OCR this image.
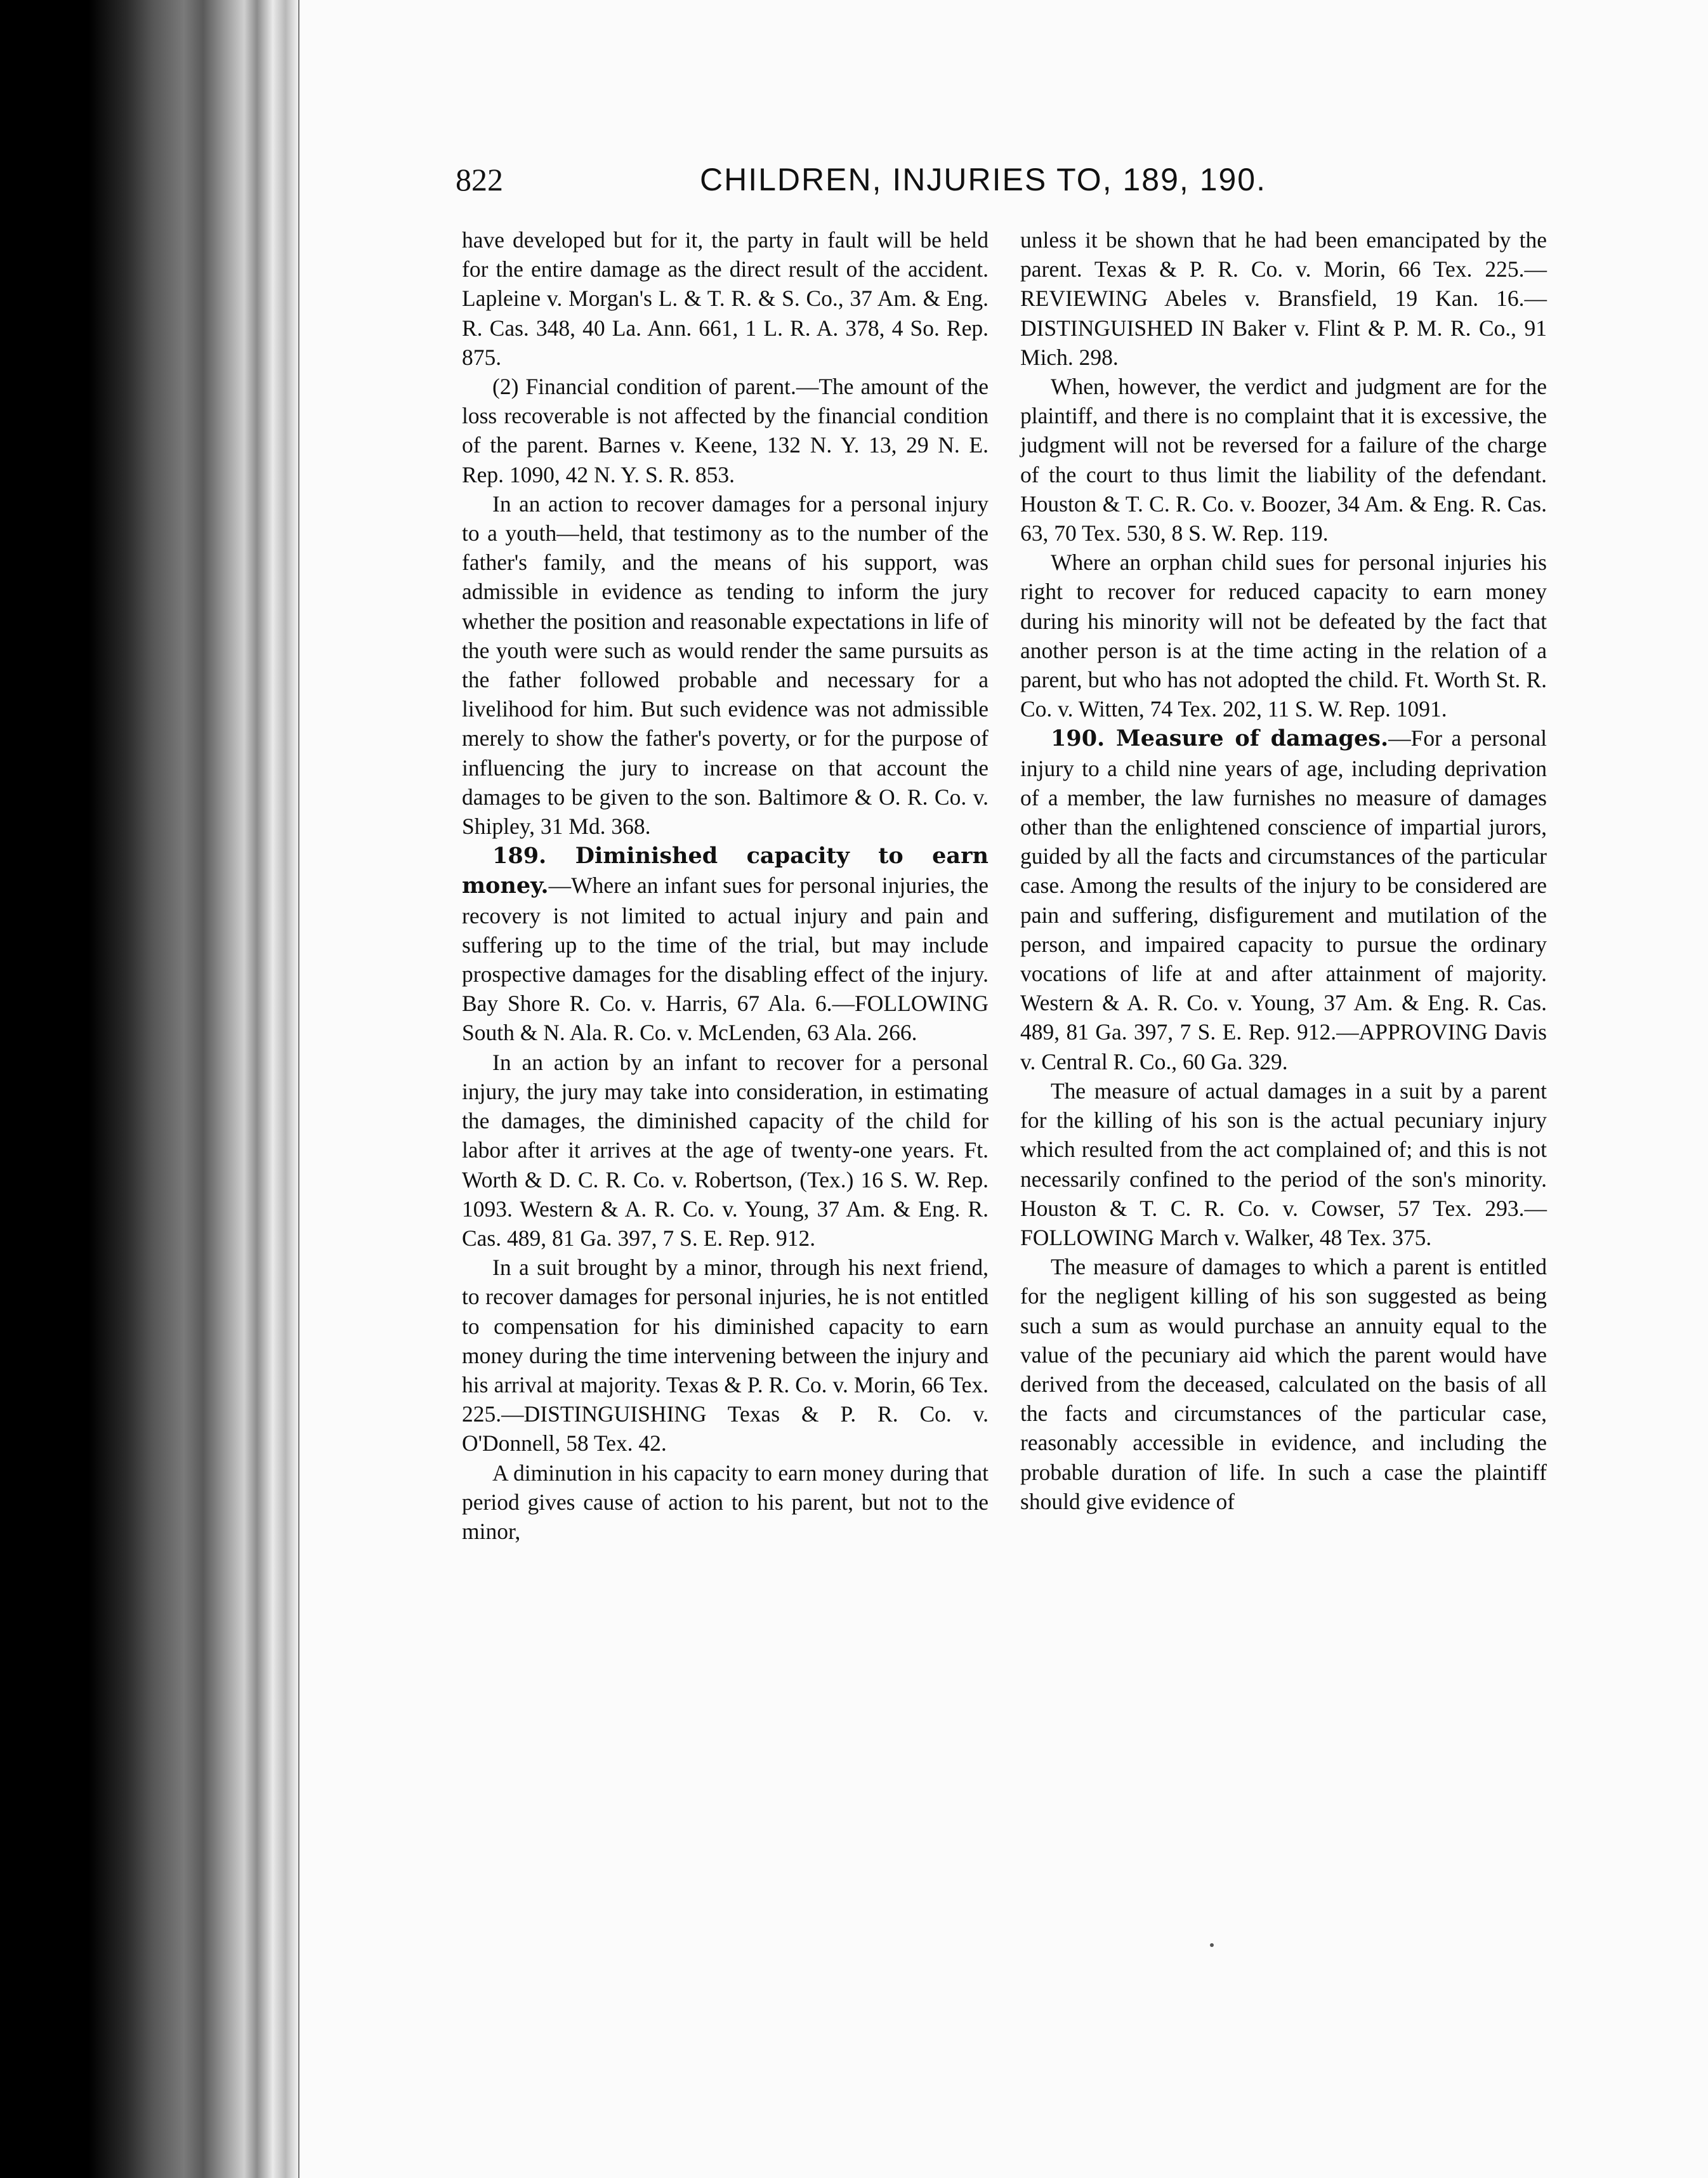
822	CHILDREN, INJURIES TO, 189, 190.

have developed but for it, the party in fault will be held for the entire damage as the direct result of the accident. Lapleine v. Morgan's L. & T. R. & S. Co., 37 Am. & Eng. R. Cas. 348, 40 La. Ann. 661, 1 L. R. A. 378, 4 So. Rep. 875.

(2) Financial condition of parent.—The amount of the loss recoverable is not affected by the financial condition of the parent. Barnes v. Keene, 132 N. Y. 13, 29 N. E. Rep. 1090, 42 N. Y. S. R. 853.

In an action to recover damages for a personal injury to a youth—held, that testimony as to the number of the father's family, and the means of his support, was admissible in evidence as tending to inform the jury whether the position and reasonable expectations in life of the youth were such as would render the same pursuits as the father followed probable and necessary for a livelihood for him. But such evidence was not admissible merely to show the father's poverty, or for the purpose of influencing the jury to increase on that account the damages to be given to the son. Baltimore & O. R. Co. v. Shipley, 31 Md. 368.

189. Diminished capacity to earn money.—Where an infant sues for personal injuries, the recovery is not limited to actual injury and pain and suffering up to the time of the trial, but may include prospective damages for the disabling effect of the injury. Bay Shore R. Co. v. Harris, 67 Ala. 6.—FOLLOWING South & N. Ala. R. Co. v. McLenden, 63 Ala. 266.

In an action by an infant to recover for a personal injury, the jury may take into consideration, in estimating the damages, the diminished capacity of the child for labor after it arrives at the age of twenty-one years. Ft. Worth & D. C. R. Co. v. Robertson, (Tex.) 16 S. W. Rep. 1093. Western & A. R. Co. v. Young, 37 Am. & Eng. R. Cas. 489, 81 Ga. 397, 7 S. E. Rep. 912.

In a suit brought by a minor, through his next friend, to recover damages for personal injuries, he is not entitled to compensation for his diminished capacity to earn money during the time intervening between the injury and his arrival at majority. Texas & P. R. Co. v. Morin, 66 Tex. 225.—DISTINGUISHING Texas & P. R. Co. v. O'Donnell, 58 Tex. 42.

A diminution in his capacity to earn money during that period gives cause of action to his parent, but not to the minor,

unless it be shown that he had been emancipated by the parent. Texas & P. R. Co. v. Morin, 66 Tex. 225.—REVIEWING Abeles v. Bransfield, 19 Kan. 16.—DISTINGUISHED IN Baker v. Flint & P. M. R. Co., 91 Mich. 298.

When, however, the verdict and judgment are for the plaintiff, and there is no complaint that it is excessive, the judgment will not be reversed for a failure of the charge of the court to thus limit the liability of the defendant. Houston & T. C. R. Co. v. Boozer, 34 Am. & Eng. R. Cas. 63, 70 Tex. 530, 8 S. W. Rep. 119.

Where an orphan child sues for personal injuries his right to recover for reduced capacity to earn money during his minority will not be defeated by the fact that another person is at the time acting in the relation of a parent, but who has not adopted the child. Ft. Worth St. R. Co. v. Witten, 74 Tex. 202, 11 S. W. Rep. 1091.

190. Measure of damages.—For a personal injury to a child nine years of age, including deprivation of a member, the law furnishes no measure of damages other than the enlightened conscience of impartial jurors, guided by all the facts and circumstances of the particular case. Among the results of the injury to be considered are pain and suffering, disfigurement and mutilation of the person, and impaired capacity to pursue the ordinary vocations of life at and after attainment of majority. Western & A. R. Co. v. Young, 37 Am. & Eng. R. Cas. 489, 81 Ga. 397, 7 S. E. Rep. 912.—APPROVING Davis v. Central R. Co., 60 Ga. 329.

The measure of actual damages in a suit by a parent for the killing of his son is the actual pecuniary injury which resulted from the act complained of; and this is not necessarily confined to the period of the son's minority. Houston & T. C. R. Co. v. Cowser, 57 Tex. 293.—FOLLOWING March v. Walker, 48 Tex. 375.

The measure of damages to which a parent is entitled for the negligent killing of his son suggested as being such a sum as would purchase an annuity equal to the value of the pecuniary aid which the parent would have derived from the deceased, calculated on the basis of all the facts and circumstances of the particular case, reasonably accessible in evidence, and including the probable duration of life. In such a case the plaintiff should give evidence of
